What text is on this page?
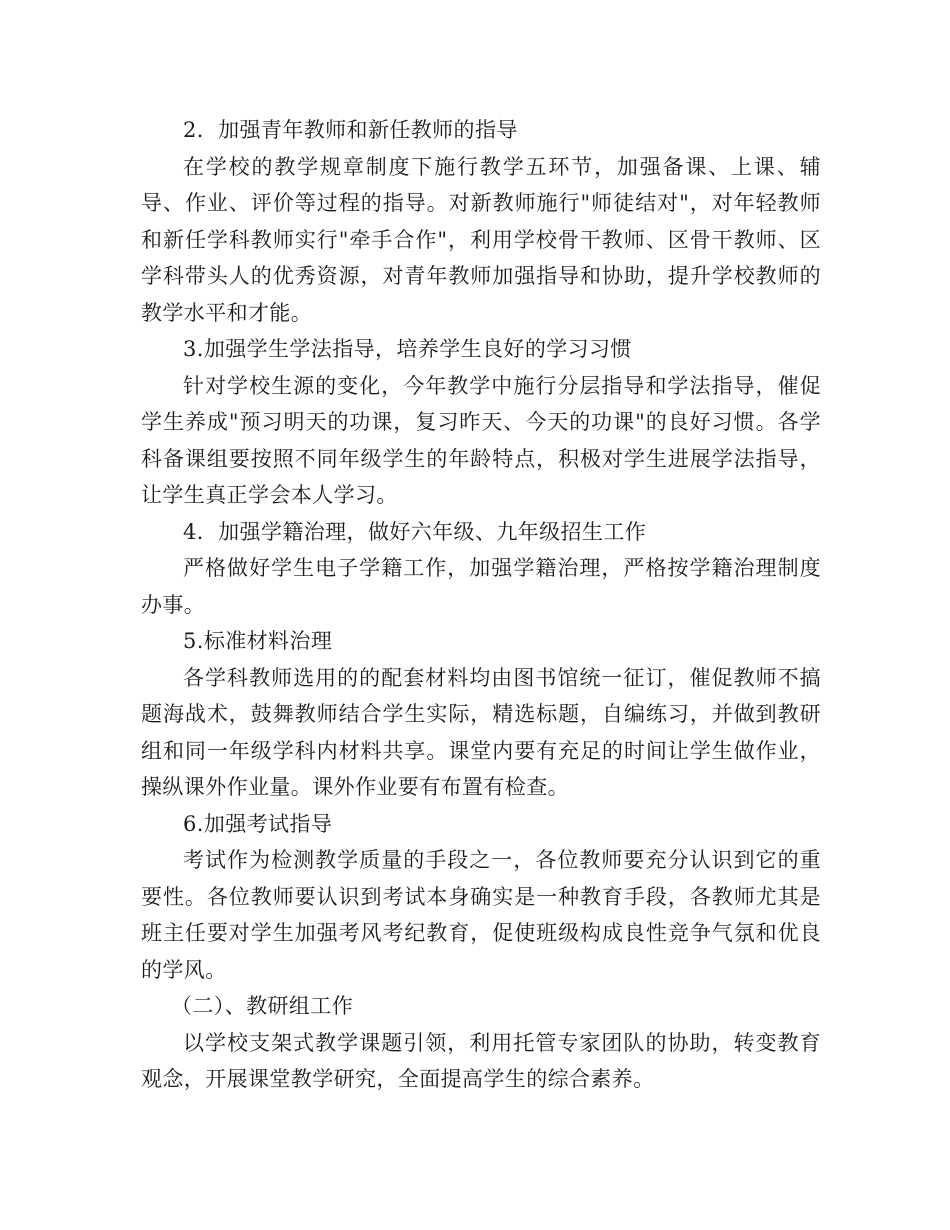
2．加强青年教师和新任教师的指导

在学校的教学规章制度下施行教学五环节，加强备课、上课、辅导、作业、评价等过程的指导。对新教师施行"师徒结对"，对年轻教师和新任学科教师实行"牵手合作"，利用学校骨干教师、区骨干教师、区学科带头人的优秀资源，对青年教师加强指导和协助，提升学校教师的教学水平和才能。

3.加强学生学法指导，培养学生良好的学习习惯

针对学校生源的变化，今年教学中施行分层指导和学法指导，催促学生养成"预习明天的功课，复习昨天、今天的功课"的良好习惯。各学科备课组要按照不同年级学生的年龄特点，积极对学生进展学法指导，让学生真正学会本人学习。

4．加强学籍治理，做好六年级、九年级招生工作

严格做好学生电子学籍工作，加强学籍治理，严格按学籍治理制度办事。

5.标准材料治理

各学科教师选用的的配套材料均由图书馆统一征订，催促教师不搞题海战术，鼓舞教师结合学生实际，精选标题，自编练习，并做到教研组和同一年级学科内材料共享。课堂内要有充足的时间让学生做作业，操纵课外作业量。课外作业要有布置有检查。

6.加强考试指导

考试作为检测教学质量的手段之一，各位教师要充分认识到它的重要性。各位教师要认识到考试本身确实是一种教育手段，各教师尤其是班主任要对学生加强考风考纪教育，促使班级构成良性竞争气氛和优良的学风。

（二）、教研组工作

以学校支架式教学课题引领，利用托管专家团队的协助，转变教育观念，开展课堂教学研究，全面提高学生的综合素养。
